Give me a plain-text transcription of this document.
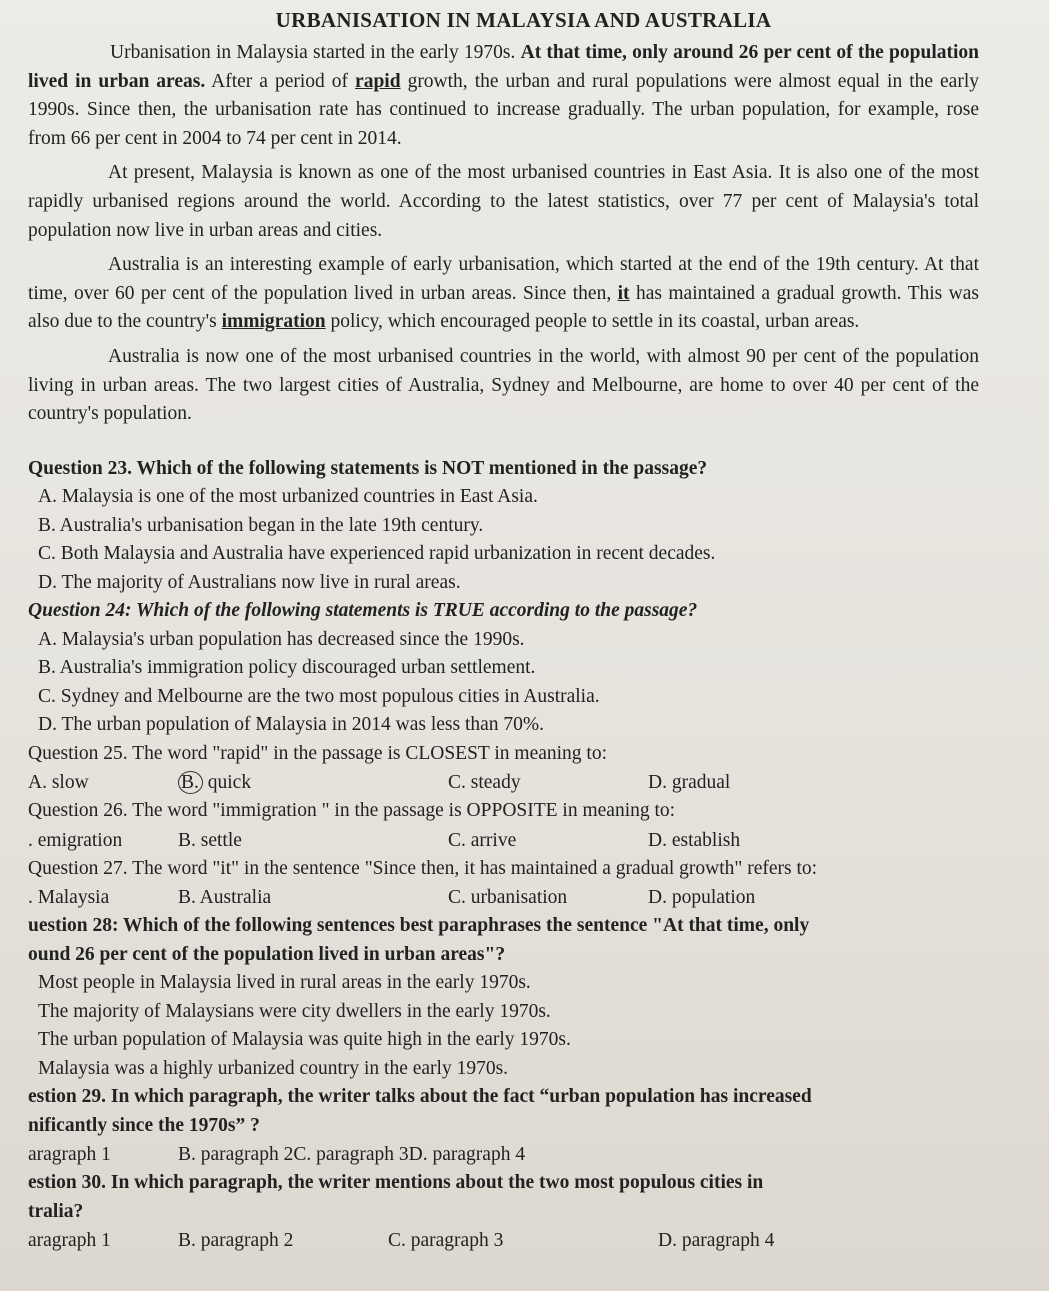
URBANISATION IN MALAYSIA AND AUSTRALIA

Urbanisation in Malaysia started in the early 1970s. At that time, only around 26 per cent of the population lived in urban areas. After a period of rapid growth, the urban and rural populations were almost equal in the early 1990s. Since then, the urbanisation rate has continued to increase gradually. The urban population, for example, rose from 66 per cent in 2004 to 74 per cent in 2014.

At present, Malaysia is known as one of the most urbanised countries in East Asia. It is also one of the most rapidly urbanised regions around the world. According to the latest statistics, over 77 per cent of Malaysia's total population now live in urban areas and cities.

Australia is an interesting example of early urbanisation, which started at the end of the 19th century. At that time, over 60 per cent of the population lived in urban areas. Since then, it has maintained a gradual growth. This was also due to the country's immigration policy, which encouraged people to settle in its coastal, urban areas.

Australia is now one of the most urbanised countries in the world, with almost 90 per cent of the population living in urban areas. The two largest cities of Australia, Sydney and Melbourne, are home to over 40 per cent of the country's population.

Question 23. Which of the following statements is NOT mentioned in the passage?

A. Malaysia is one of the most urbanized countries in East Asia.

B. Australia's urbanisation began in the late 19th century.

C. Both Malaysia and Australia have experienced rapid urbanization in recent decades.

D. The majority of Australians now live in rural areas.

Question 24: Which of the following statements is TRUE according to the passage?

A. Malaysia's urban population has decreased since the 1990s.

B. Australia's immigration policy discouraged urban settlement.

C. Sydney and Melbourne are the two most populous cities in Australia.

D. The urban population of Malaysia in 2014 was less than 70%.

Question 25. The word "rapid" in the passage is CLOSEST in meaning to:

A. slow	B. quick	C. steady	D. gradual

Question 26. The word "immigration " in the passage is OPPOSITE in meaning to:

. emigration	B. settle	C. arrive	D. establish

Question 27. The word "it" in the sentence "Since then, it has maintained a gradual growth" refers to:

. Malaysia	B. Australia	C. urbanisation	D. population

uestion 28: Which of the following sentences best paraphrases the sentence "At that time, only

ound 26 per cent of the population lived in urban areas"?

Most people in Malaysia lived in rural areas in the early 1970s.

The majority of Malaysians were city dwellers in the early 1970s.

The urban population of Malaysia was quite high in the early 1970s.

Malaysia was a highly urbanized country in the early 1970s.

estion 29. In which paragraph, the writer talks about the fact “urban population has increased

nificantly since the 1970s” ?

aragraph 1	B. paragraph 2C. paragraph 3D. paragraph 4

estion 30. In which paragraph, the writer mentions about the two most populous cities in

tralia?

aragraph 1	B. paragraph 2	C. paragraph 3	D. paragraph 4
